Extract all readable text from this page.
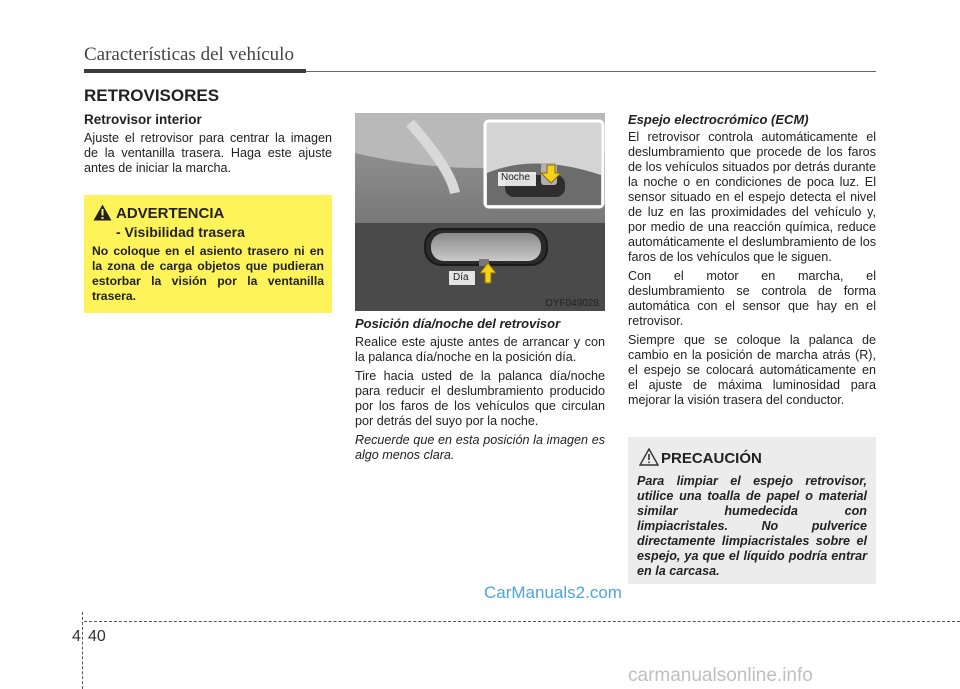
Características del vehículo
RETROVISORES
Retrovisor interior
Ajuste el retrovisor para centrar la imagen de la ventanilla trasera. Haga este ajuste antes de iniciar la marcha.
ADVERTENCIA
- Visibilidad trasera
No coloque en el asiento trasero ni en la zona de carga objetos que pudieran estorbar la visión por la ventanilla trasera.
Noche
Día
OYF049028
Posición día/noche del retrovisor
Realice este ajuste antes de arrancar y con la palanca día/noche en la posición día.
Tire hacia usted de la palanca día/noche para reducir el deslumbramiento producido por los faros de los vehículos que circulan por detrás del suyo por la noche.
Recuerde que en esta posición la imagen es algo menos clara.
Espejo electrocrómico (ECM)
El retrovisor controla automáticamente el deslumbramiento que procede de los faros de los vehículos situados por detrás durante la noche o en condiciones de poca luz. El sensor situado en el espejo detecta el nivel de luz en las proximidades del vehículo y, por medio de una reacción química, reduce automáticamente el deslumbramiento de los faros de los vehículos que le siguen.
Con el motor en marcha, el deslumbramiento se controla de forma automática con el sensor que hay en el retrovisor.
Siempre que se coloque la palanca de cambio en la posición de marcha atrás (R), el espejo se colocará automáticamente en el ajuste de máxima luminosidad para mejorar la visión trasera del conductor.
PRECAUCIÓN
Para limpiar el espejo retrovisor, utilice una toalla de papel o material similar humedecida con limpiacristales. No pulverice directamente limpiacristales sobre el espejo, ya que el líquido podría entrar en la carcasa.
CarManuals2.com
4 40
carmanualsonline.info
